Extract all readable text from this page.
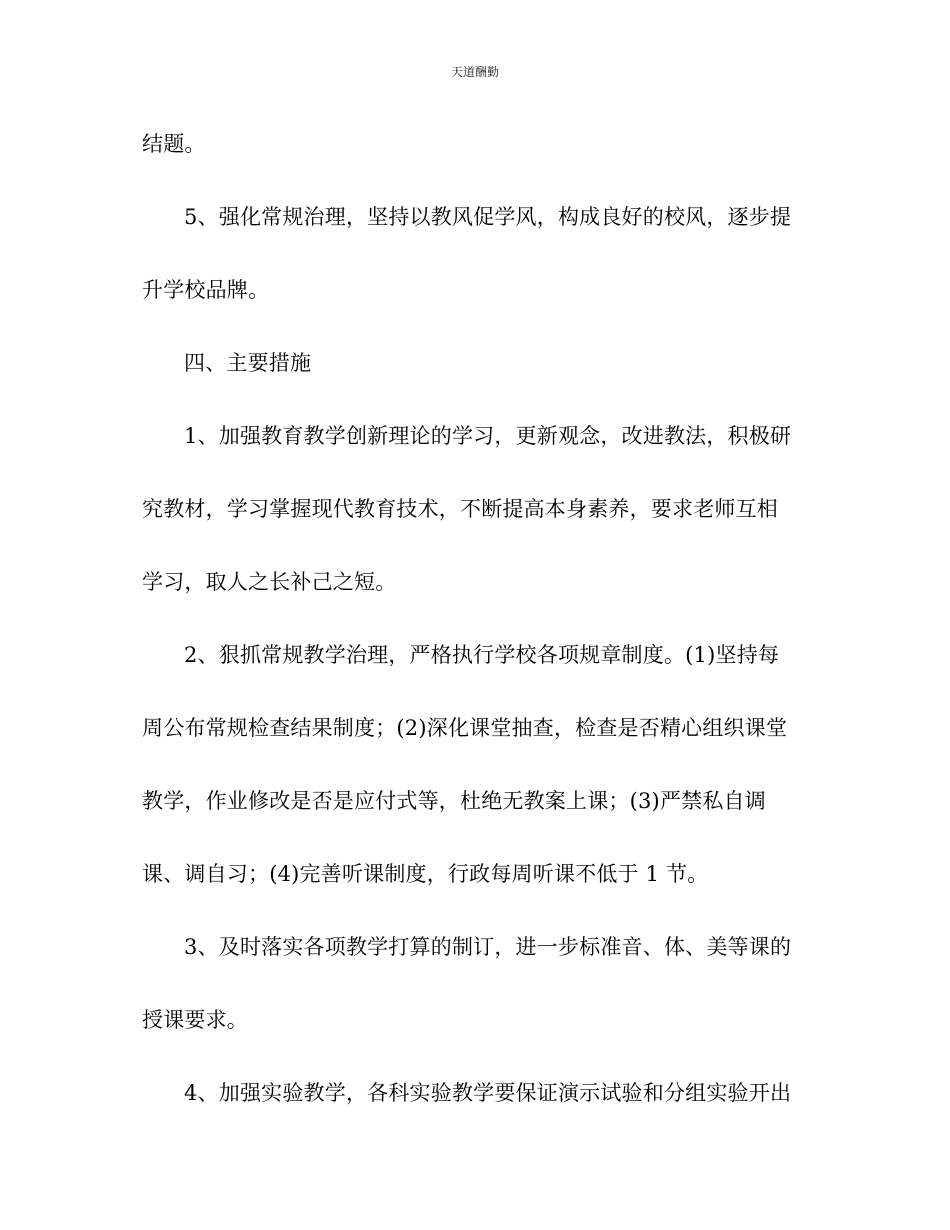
天道酬勤
结题。
5、强化常规治理，坚持以教风促学风，构成良好的校风，逐步提
升学校品牌。
四、主要措施
1、加强教育教学创新理论的学习，更新观念，改进教法，积极研
究教材，学习掌握现代教育技术，不断提高本身素养，要求老师互相
学习，取人之长补己之短。
2、狠抓常规教学治理，严格执行学校各项规章制度。(1)坚持每
周公布常规检查结果制度；(2)深化课堂抽查，检查是否精心组织课堂
教学，作业修改是否是应付式等，杜绝无教案上课；(3)严禁私自调
课、调自习；(4)完善听课制度，行政每周听课不低于 1 节。
3、及时落实各项教学打算的制订，进一步标准音、体、美等课的
授课要求。
4、加强实验教学，各科实验教学要保证演示试验和分组实验开出
